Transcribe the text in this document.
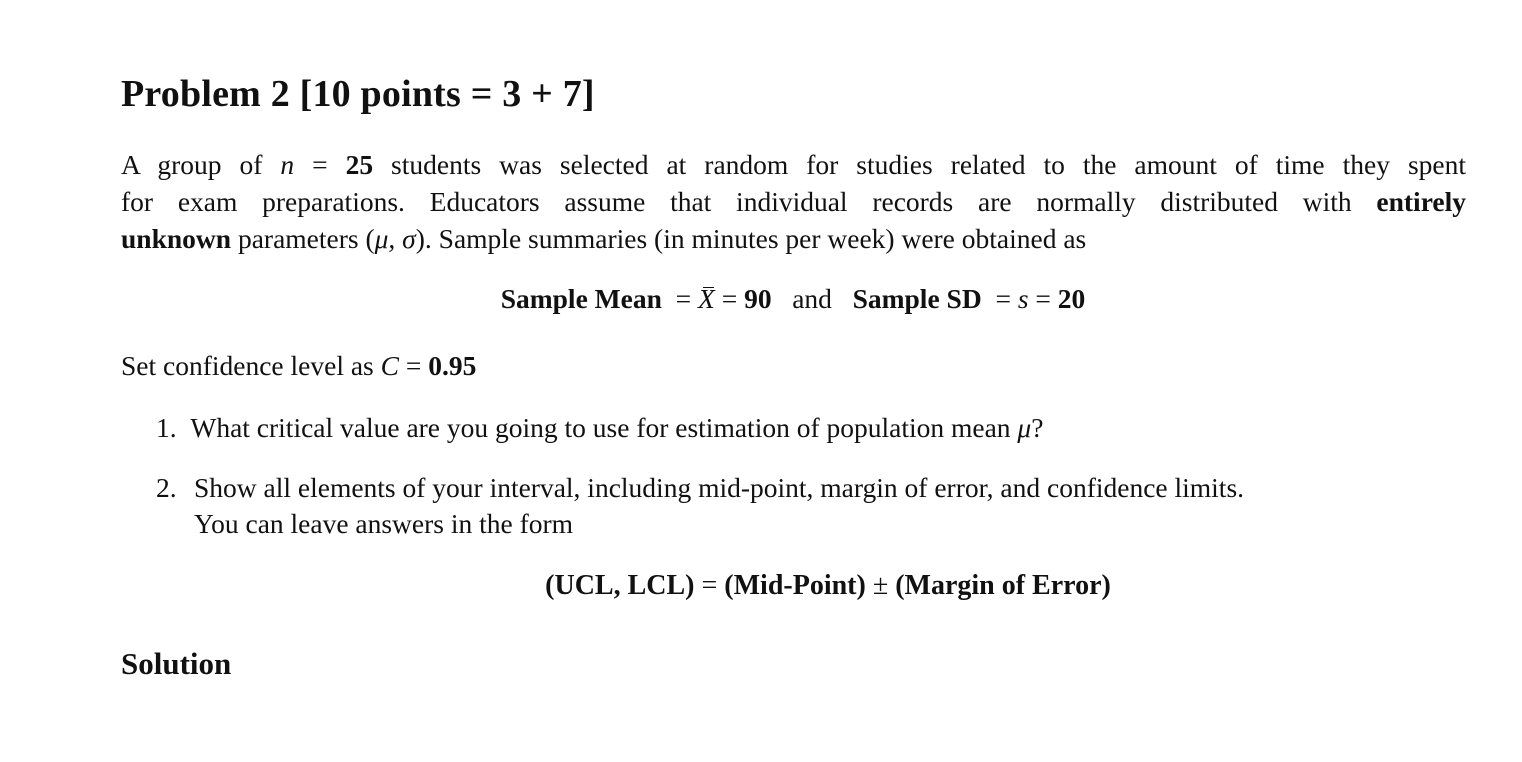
Problem 2 [10 points = 3 + 7]
A group of n = 25 students was selected at random for studies related to the amount of time they spent
for exam preparations. Educators assume that individual records are normally distributed with entirely
unknown parameters (μ, σ). Sample summaries (in minutes per week) were obtained as
Sample Mean  = X = 90 and Sample SD  = s = 20
Set confidence level as C = 0.95
1. What critical value are you going to use for estimation of population mean μ?
2. Show all elements of your interval, including mid-point, margin of error, and confidence limits.
You can leave answers in the form
(UCL, LCL) = (Mid-Point) ± (Margin of Error)
Solution
